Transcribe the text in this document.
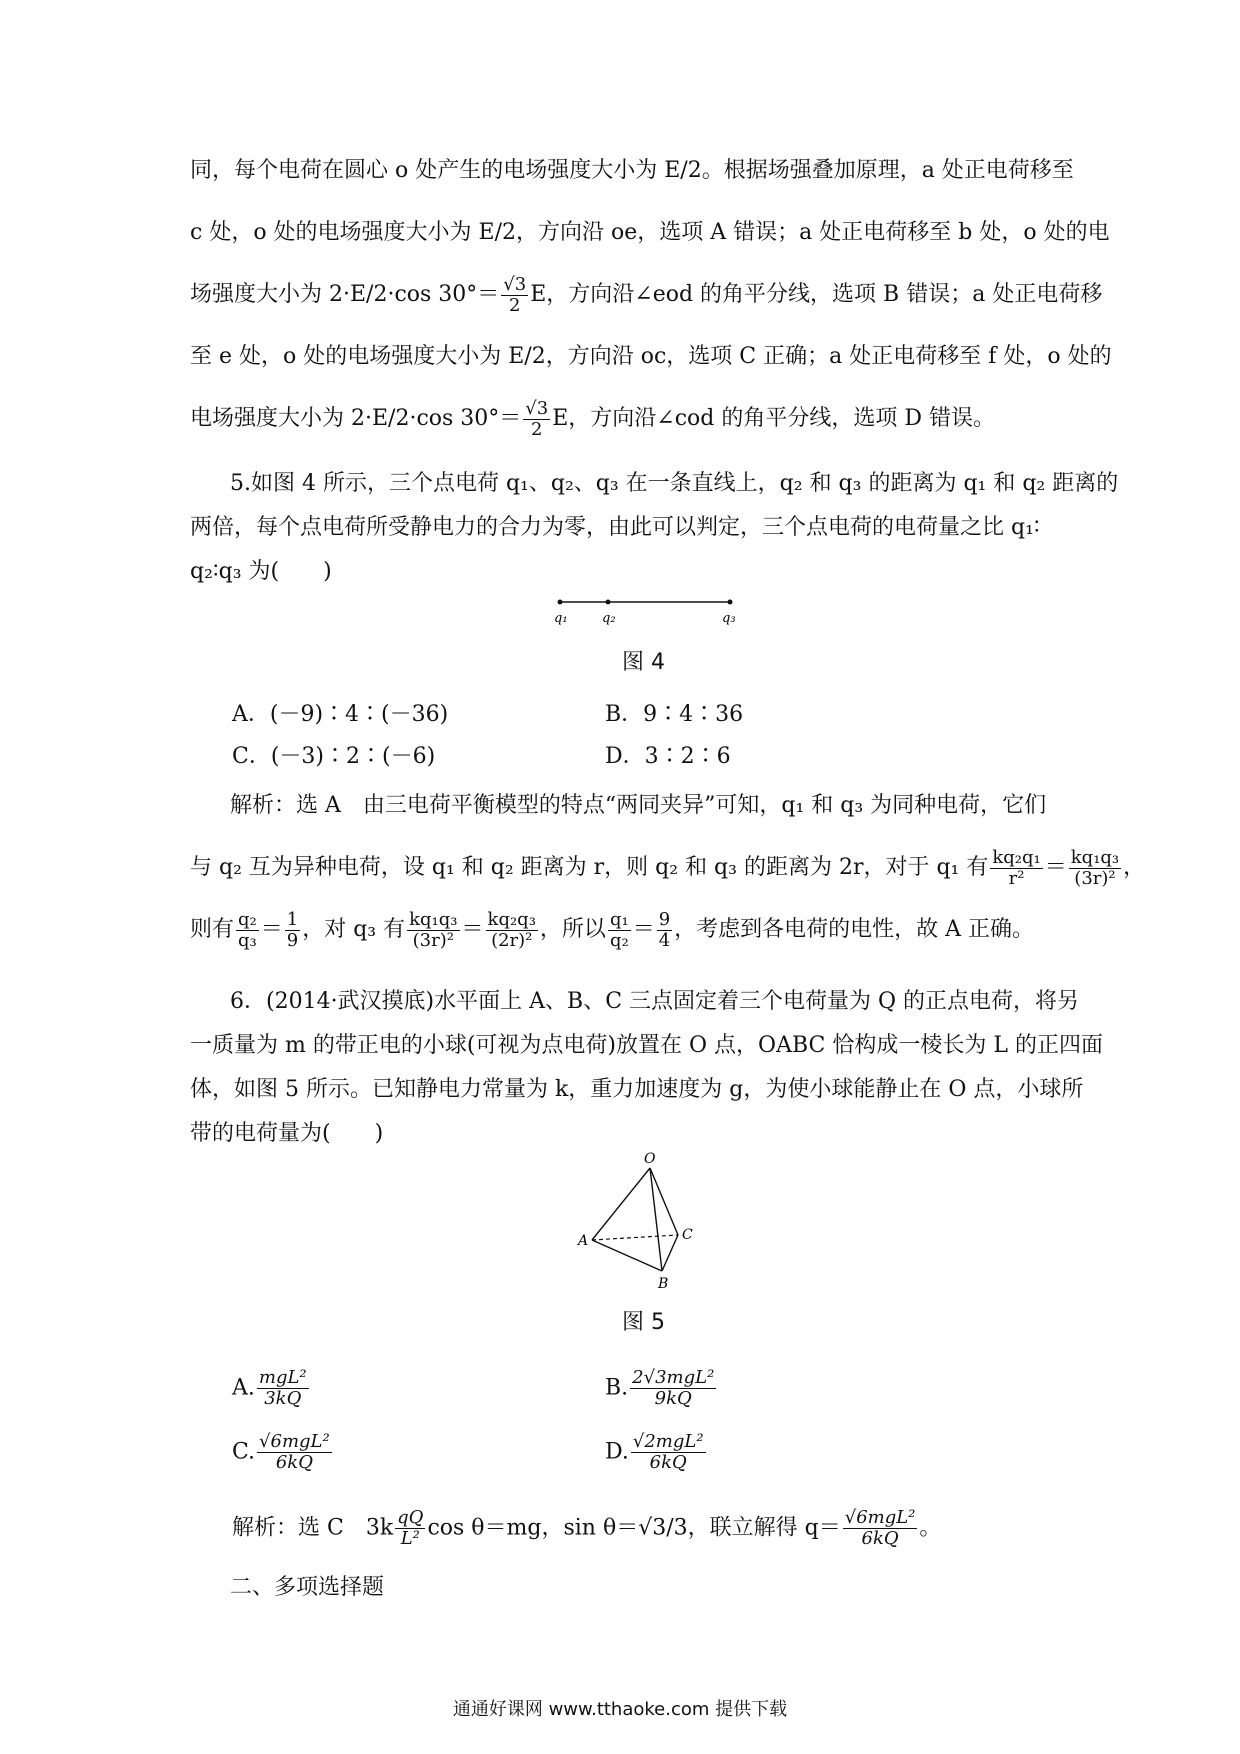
同，每个电荷在圆心 o 处产生的电场强度大小为 E/2。根据场强叠加原理，a 处正电荷移至
c 处，o 处的电场强度大小为 E/2，方向沿 oe，选项 A 错误；a 处正电荷移至 b 处，o 处的电
场强度大小为 2·E/2·cos $30^\circ= \frac{√3}{2}$ E，方向沿∠eod 的角平分线，选项 B 错误；a 处正电荷移
至 e 处，o 处的电场强度大小为 E/2，方向沿 oc，选项 C 正确；a 处正电荷移至 f 处，o 处的
电场强度大小为 2·E/2·cos $30^\circ= \frac{√3}{2}$ E，方向沿∠cod 的角平分线，选项 D 错误。
5.如图 4 所示，三个点电荷 q₁、q₂、q₃ 在一条直线上，q₂ 和 q₃ 的距离为 q₁ 和 q₂ 距离的
两倍，每个点电荷所受静电力的合力为零，由此可以判定，三个点电荷的电荷量之比 q₁∶
q₂∶q₃ 为(　　)
q₁	q₂	q₃
图 4
A．(－9)∶4∶(－36)	B．9∶4∶36
C．(－3)∶2∶(－6)	D．3∶2∶6
解析：选 A　由三电荷平衡模型的特点“两同夹异”可知，q₁ 和 q₃ 为同种电荷，它们
与 q₂ 互为异种电荷，设 q₁ 和 q₂ 距离为 r，则 q₂ 和 q₃ 的距离为 2r，对于 q₁ 有 $\frac{\text{kq₂q₁}}{\text{r²}} = \frac{\text{kq₁q₃}}{\text{(3r)²}}$ ，
则有 $\frac{\text{q₂}}{\text{q₃}} = \frac{1}{9}$ ，对 q₃ 有 $\frac{\text{kq₁q₃}}{\text{(3r)²}} = \frac{\text{kq₂q₃}}{\text{(2r)²}}$ ，所以 $\frac{\text{q₁}}{\text{q₂}} = \frac{9}{4}$ ，考虑到各电荷的电性，故 A 正确。
6．(2014·武汉摸底)水平面上 A、B、C 三点固定着三个电荷量为 Q 的正点电荷，将另
一质量为 m 的带正电的小球(可视为点电荷)放置在 O 点，OABC 恰构成一棱长为 L 的正四面
体，如图 5 所示。已知静电力常量为 k，重力加速度为 g，为使小球能静止在 O 点，小球所
带的电荷量为(　　)
O
A
B
C
图 5
A. $\frac{\text{mgL²}}{3kQ}$	B. $\frac{\text{2√3mgL²}}{9kQ}$
C. $\frac{\text{√6mgL²}}{6kQ}$	D. $\frac{\text{√2mgL²}}{6kQ}$
解析：选 C　$3k \frac{qQ}{\text{L²}}$ cos θ＝mg，sin θ＝√3/3，联立解得 $q= \frac{\text{√6mgL²}}{6kQ}$ 。
二、多项选择题
通通好课网 www.tthaoke.com 提供下载
